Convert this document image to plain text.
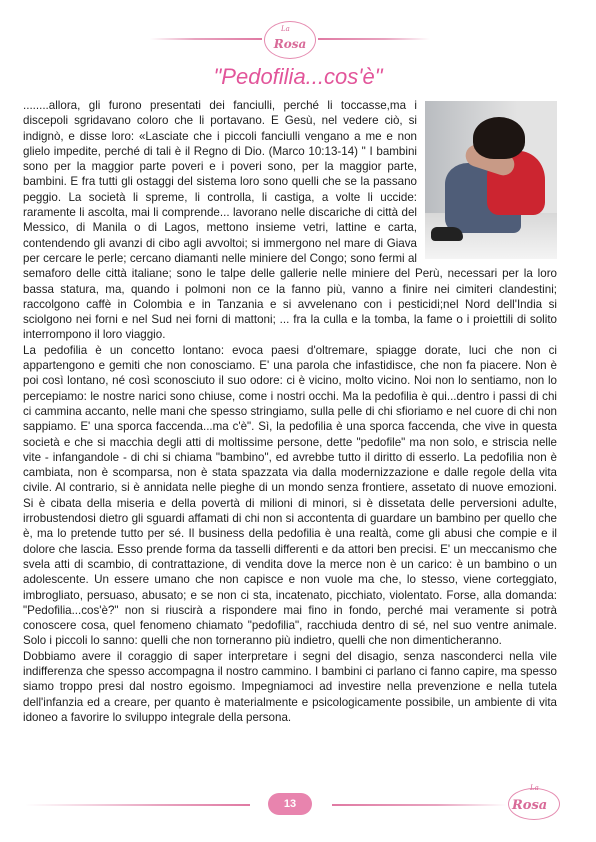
La
Rosa
"Pedofilia...cos'è"

........allora, gli furono presentati dei fanciulli, perché li toccasse,ma i discepoli sgridavano coloro che li portavano. E Gesù, nel vedere ciò, si indignò, e disse loro: «Lasciate che i piccoli fanciulli vengano a me e non glielo impedite, perché di tali è il Regno di Dio. (Marco 10:13-14) " I bambini sono per la maggior parte poveri e i poveri sono, per la maggior parte, bambini. E fra tutti gli ostaggi del sistema loro sono quelli che se la passano peggio. La società li spreme, li controlla, li castiga, a volte li uccide: raramente li ascolta, mai li comprende... lavorano nelle discariche di città del Messico, di Manila o di Lagos, mettono insieme vetri, lattine e carta, contendendo gli avanzi di cibo agli avvoltoi; si immergono nel mare di Giava per cercare le perle; cercano diamanti nelle miniere del Congo; sono fermi al semaforo delle città italiane; sono le talpe delle gallerie nelle miniere del Perù, necessari per la loro bassa statura, ma, quando i polmoni non ce la fanno più, vanno a finire nei cimiteri clandestini; raccolgono caffè in Colombia e in Tanzania e si avvelenano con i pesticidi;nel Nord dell'India si sciolgono nei forni e nel Sud nei forni di mattoni; ... fra la culla e la tomba, la fame o i proiettili di solito interrompono il loro viaggio.

La pedofilia è un concetto lontano: evoca paesi d'oltremare, spiagge dorate, luci che non ci appartengono e gemiti che non conosciamo. E' una parola che infastidisce, che non fa piacere. Non è poi così lontano, né così sconosciuto il suo odore: ci è vicino, molto vicino. Noi non lo sentiamo, non lo percepiamo: le nostre narici sono chiuse, come i nostri occhi. Ma la pedofilia è qui...dentro i passi di chi ci cammina accanto, nelle mani che spesso stringiamo, sulla pelle di chi sfioriamo e nel cuore di chi non sappiamo. E' una sporca faccenda...ma c'è". Sì, la pedofilia è una sporca faccenda, che vive in questa società e che si macchia degli atti di moltissime persone, dette "pedofile" ma non solo, e striscia nelle vite - infangandole - di chi si chiama "bambino", ed avrebbe tutto il diritto di esserlo. La pedofilia non è cambiata, non è scomparsa, non è stata spazzata via dalla modernizzazione e dalle regole della vita civile. Al contrario, si è annidata nelle pieghe di un mondo senza frontiere, assetato di nuove emozioni. Si è cibata della miseria e della povertà di milioni di minori, si è dissetata delle perversioni adulte, irrobustendosi dietro gli sguardi affamati di chi non si accontenta di guardare un bambino per quello che è, ma lo pretende tutto per sé. Il business della pedofilia è una realtà, come gli abusi che compie e il dolore che lascia. Esso prende forma da tasselli differenti e da attori ben precisi. E' un meccanismo che svela atti di scambio, di contrattazione, di vendita dove la merce non è un carico: è un bambino o un adolescente. Un essere umano che non capisce e non vuole ma che, lo stesso, viene corteggiato, imbrogliato, persuaso, abusato; e se non ci sta, incatenato, picchiato, violentato. Forse, alla domanda: "Pedofilia...cos'è?" non si riuscirà a rispondere mai fino in fondo, perché mai veramente si potrà conoscere cosa, quel fenomeno chiamato "pedofilia", racchiuda dentro di sé, nel suo ventre animale. Solo i piccoli lo sanno: quelli che non torneranno più indietro, quelli che non dimenticheranno.

Dobbiamo avere il coraggio di saper interpretare i segni del disagio, senza nasconderci nella vile indifferenza che spesso accompagna il nostro cammino. I bambini ci parlano ci fanno capire, ma spesso siamo troppo presi dal nostro egoismo. Impegniamoci ad investire nella prevenzione e nella tutela dell'infanzia ed a creare, per quanto è materialmente e psicologicamente possibile, un ambiente di vita idoneo a favorire lo sviluppo integrale della persona.

13
La
Rosa
